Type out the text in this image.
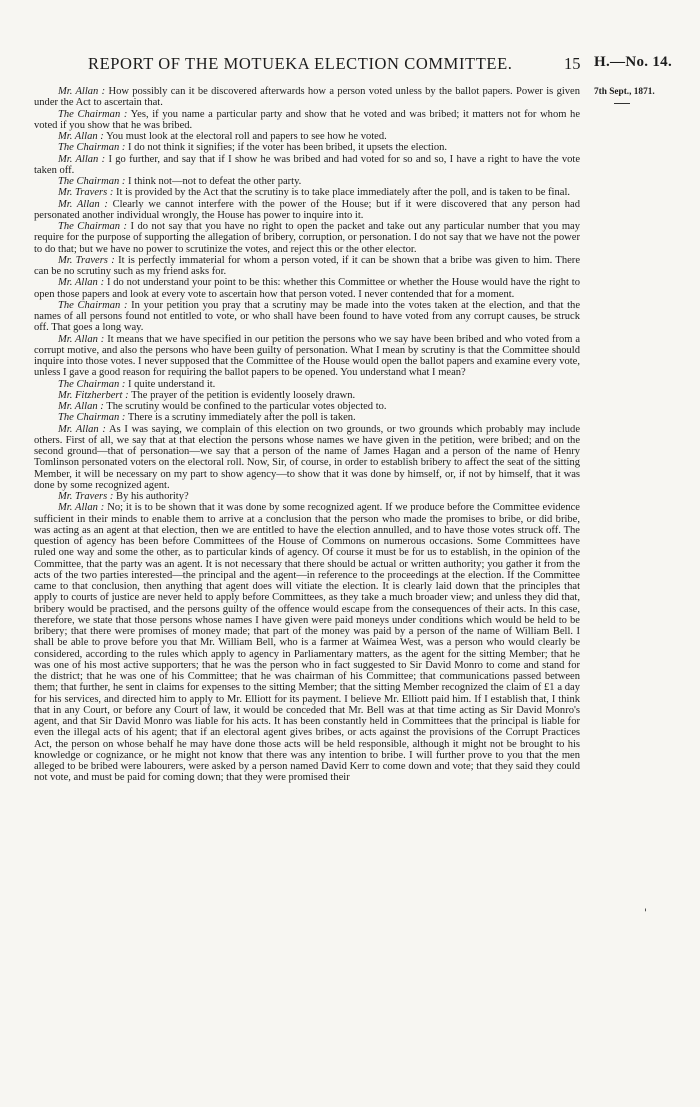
REPORT OF THE MOTUEKA ELECTION COMMITTEE.	15 H.—No. 14.
7th Sept., 1871.
'

Mr. Allan : How possibly can it be discovered afterwards how a person voted unless by the ballot papers. Power is given under the Act to ascertain that.

The Chairman : Yes, if you name a particular party and show that he voted and was bribed; it matters not for whom he voted if you show that he was bribed.

Mr. Allan : You must look at the electoral roll and papers to see how he voted.

The Chairman : I do not think it signifies; if the voter has been bribed, it upsets the election.

Mr. Allan : I go further, and say that if I show he was bribed and had voted for so and so, I have a right to have the vote taken off.

The Chairman : I think not—not to defeat the other party.

Mr. Travers : It is provided by the Act that the scrutiny is to take place immediately after the poll, and is taken to be final.

Mr. Allan : Clearly we cannot interfere with the power of the House; but if it were discovered that any person had personated another individual wrongly, the House has power to inquire into it.

The Chairman : I do not say that you have no right to open the packet and take out any particular number that you may require for the purpose of supporting the allegation of bribery, corruption, or personation. I do not say that we have not the power to do that; but we have no power to scrutinize the votes, and reject this or the other elector.

Mr. Travers : It is perfectly immaterial for whom a person voted, if it can be shown that a bribe was given to him. There can be no scrutiny such as my friend asks for.

Mr. Allan : I do not understand your point to be this: whether this Committee or whether the House would have the right to open those papers and look at every vote to ascertain how that person voted. I never contended that for a moment.

The Chairman : In your petition you pray that a scrutiny may be made into the votes taken at the election, and that the names of all persons found not entitled to vote, or who shall have been found to have voted from any corrupt causes, be struck off. That goes a long way.

Mr. Allan : It means that we have specified in our petition the persons who we say have been bribed and who voted from a corrupt motive, and also the persons who have been guilty of personation. What I mean by scrutiny is that the Committee should inquire into those votes. I never supposed that the Committee of the House would open the ballot papers and examine every vote, unless I gave a good reason for requiring the ballot papers to be opened. You understand what I mean?

The Chairman : I quite understand it.

Mr. Fitzherbert : The prayer of the petition is evidently loosely drawn.

Mr. Allan : The scrutiny would be confined to the particular votes objected to.

The Chairman : There is a scrutiny immediately after the poll is taken.

Mr. Allan : As I was saying, we complain of this election on two grounds, or two grounds which probably may include others. First of all, we say that at that election the persons whose names we have given in the petition, were bribed; and on the second ground—that of personation—we say that a person of the name of James Hagan and a person of the name of Henry Tomlinson personated voters on the electoral roll. Now, Sir, of course, in order to establish bribery to affect the seat of the sitting Member, it will be necessary on my part to show agency—to show that it was done by himself, or, if not by himself, that it was done by some recognized agent.

Mr. Travers : By his authority?

Mr. Allan : No; it is to be shown that it was done by some recognized agent. If we produce before the Committee evidence sufficient in their minds to enable them to arrive at a conclusion that the person who made the promises to bribe, or did bribe, was acting as an agent at that election, then we are entitled to have the election annulled, and to have those votes struck off. The question of agency has been before Committees of the House of Commons on numerous occasions. Some Committees have ruled one way and some the other, as to particular kinds of agency. Of course it must be for us to establish, in the opinion of the Committee, that the party was an agent. It is not necessary that there should be actual or written authority; you gather it from the acts of the two parties interested—the principal and the agent—in reference to the proceedings at the election. If the Committee came to that conclusion, then anything that agent does will vitiate the election. It is clearly laid down that the principles that apply to courts of justice are never held to apply before Committees, as they take a much broader view; and unless they did that, bribery would be practised, and the persons guilty of the offence would escape from the consequences of their acts. In this case, therefore, we state that those persons whose names I have given were paid moneys under conditions which would be held to be bribery; that there were promises of money made; that part of the money was paid by a person of the name of William Bell. I shall be able to prove before you that Mr. William Bell, who is a farmer at Waimea West, was a person who would clearly be considered, according to the rules which apply to agency in Parliamentary matters, as the agent for the sitting Member; that he was one of his most active supporters; that he was the person who in fact suggested to Sir David Monro to come and stand for the district; that he was one of his Committee; that he was chairman of his Committee; that communications passed between them; that further, he sent in claims for expenses to the sitting Member; that the sitting Member recognized the claim of £1 a day for his services, and directed him to apply to Mr. Elliott for its payment. I believe Mr. Elliott paid him. If I establish that, I think that in any Court, or before any Court of law, it would be conceded that Mr. Bell was at that time acting as Sir David Monro's agent, and that Sir David Monro was liable for his acts. It has been constantly held in Committees that the principal is liable for even the illegal acts of his agent; that if an electoral agent gives bribes, or acts against the provisions of the Corrupt Practices Act, the person on whose behalf he may have done those acts will be held responsible, although it might not be brought to his knowledge or cognizance, or he might not know that there was any intention to bribe. I will further prove to you that the men alleged to be bribed were labourers, were asked by a person named David Kerr to come down and vote; that they said they could not vote, and must be paid for coming down; that they were promised their
